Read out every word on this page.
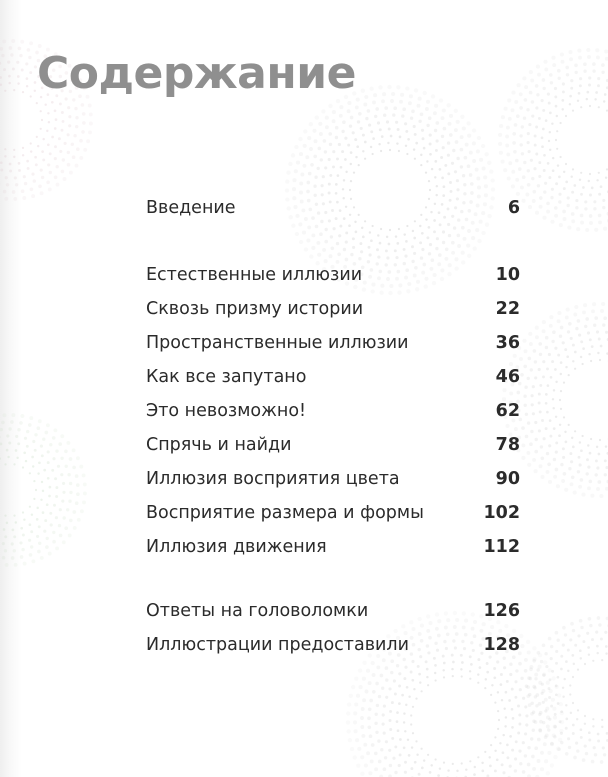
Содержание
Введение	6
Естественные иллюзии	10
Сквозь призму истории	22
Пространственные иллюзии	36
Как все запутано	46
Это невозможно!	62
Спрячь и найди	78
Иллюзия восприятия цвета	90
Восприятие размера и формы	102
Иллюзия движения	112
Ответы на головоломки	126
Иллюстрации предоставили	128
